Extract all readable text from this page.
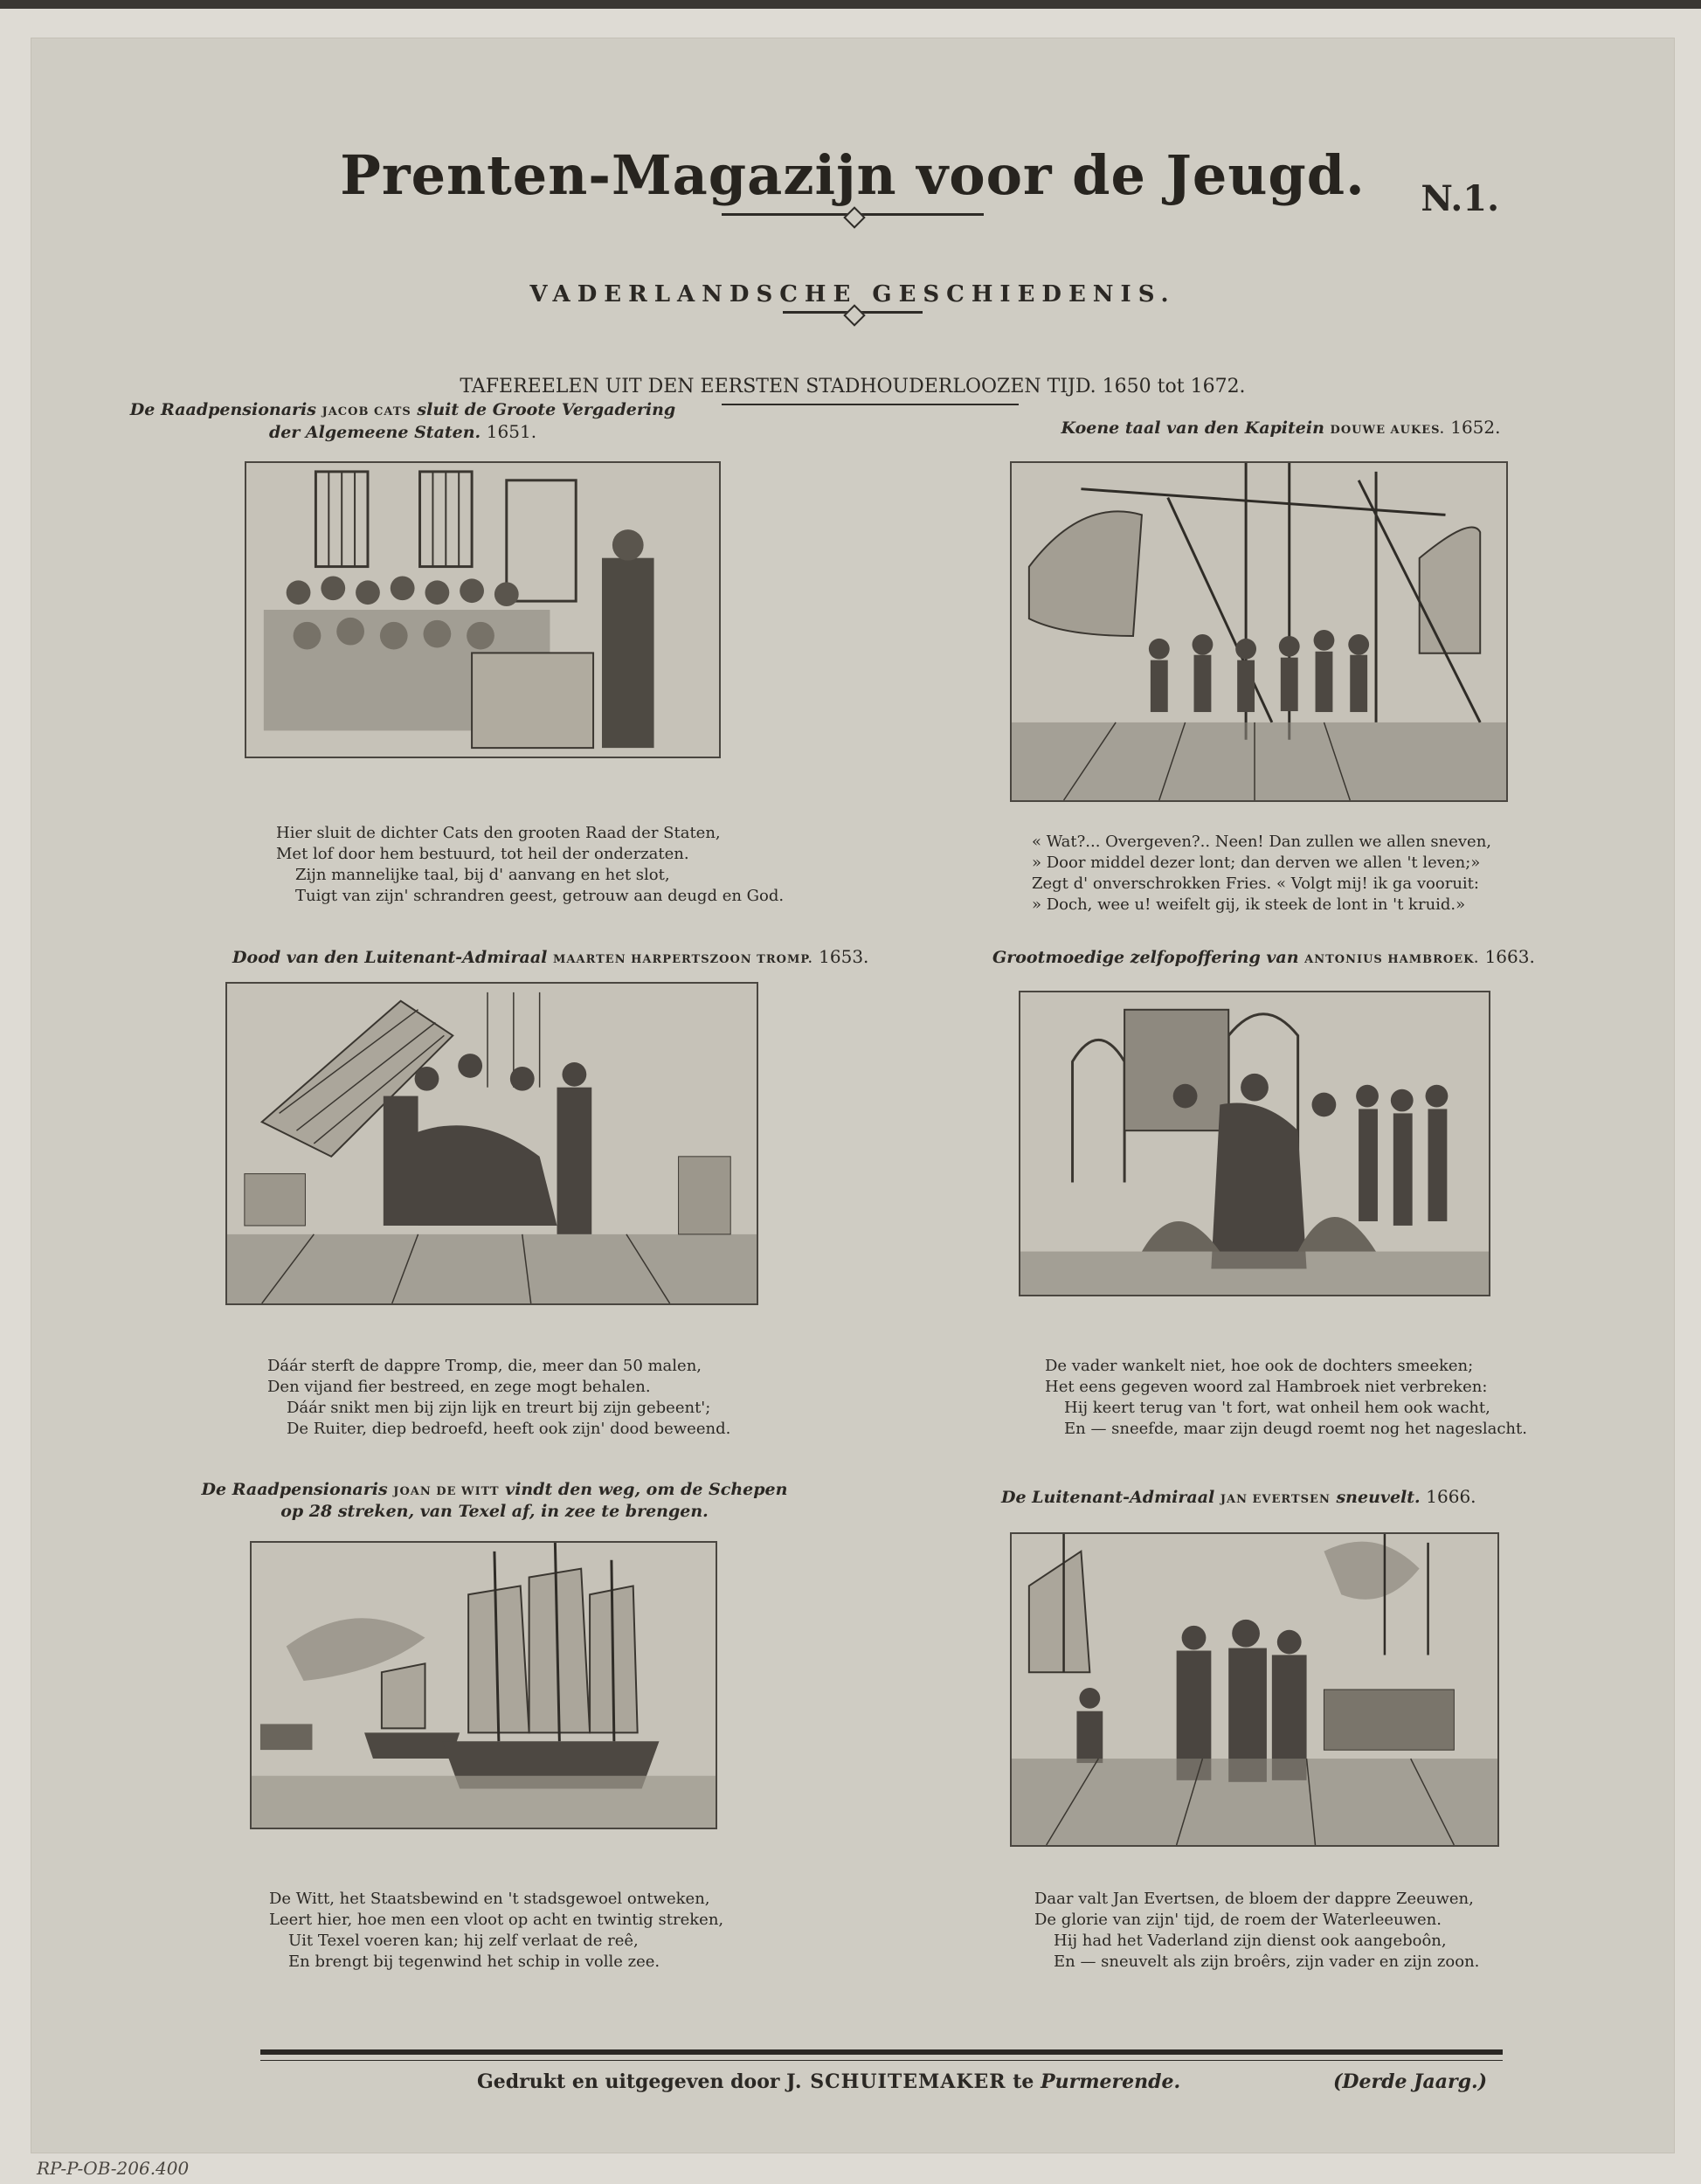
Prenten-Magazijn voor de Jeugd.	N.1.
VADERLANDSCHE GESCHIEDENIS.
TAFEREELEN UIT DEN EERSTEN STADHOUDERLOOZEN TIJD. 1650 tot 1672.
De Raadpensionaris JACOB CATS sluit de Groote Vergadering
der Algemeene Staten. 1651.
Hier sluit de dichter Cats den grooten Raad der Staten,
Met lof door hem bestuurd, tot heil der onderzaten.
Zijn mannelijke taal, bij d' aanvang en het slot,
Tuigt van zijn' schrandren geest, getrouw aan deugd en God.
Koene taal van den Kapitein DOUWE AUKES. 1652.
« Wat?... Overgeven?.. Neen! Dan zullen we allen sneven,
» Door middel dezer lont; dan derven we allen 't leven;»
Zegt d' onverschrokken Fries. « Volgt mij! ik ga vooruit:
» Doch, wee u! weifelt gij, ik steek de lont in 't kruid.»
Dood van den Luitenant-Admiraal MAARTEN HARPERTSZOON TROMP. 1653.
Dáár sterft de dappre Tromp, die, meer dan 50 malen,
Den vijand fier bestreed, en zege mogt behalen.
Dáár snikt men bij zijn lijk en treurt bij zijn gebeent';
De Ruiter, diep bedroefd, heeft ook zijn' dood beweend.
Grootmoedige zelfopoffering van ANTONIUS HAMBROEK. 1663.
De vader wankelt niet, hoe ook de dochters smeeken;
Het eens gegeven woord zal Hambroek niet verbreken:
Hij keert terug van 't fort, wat onheil hem ook wacht,
En — sneefde, maar zijn deugd roemt nog het nageslacht.
De Raadpensionaris JOAN DE WITT vindt den weg, om de Schepen
op 28 streken, van Texel af, in zee te brengen.
De Witt, het Staatsbewind en 't stadsgewoel ontweken,
Leert hier, hoe men een vloot op acht en twintig streken,
Uit Texel voeren kan; hij zelf verlaat de reê,
En brengt bij tegenwind het schip in volle zee.
De Luitenant-Admiraal JAN EVERTSEN sneuvelt. 1666.
Daar valt Jan Evertsen, de bloem der dappre Zeeuwen,
De glorie van zijn' tijd, de roem der Waterleeuwen.
Hij had het Vaderland zijn dienst ook aangeboôn,
En — sneuvelt als zijn broêrs, zijn vader en zijn zoon.
Gedrukt en uitgegeven door J. SCHUITEMAKER te Purmerende.	(Derde Jaarg.)
RP-P-OB-206.400
